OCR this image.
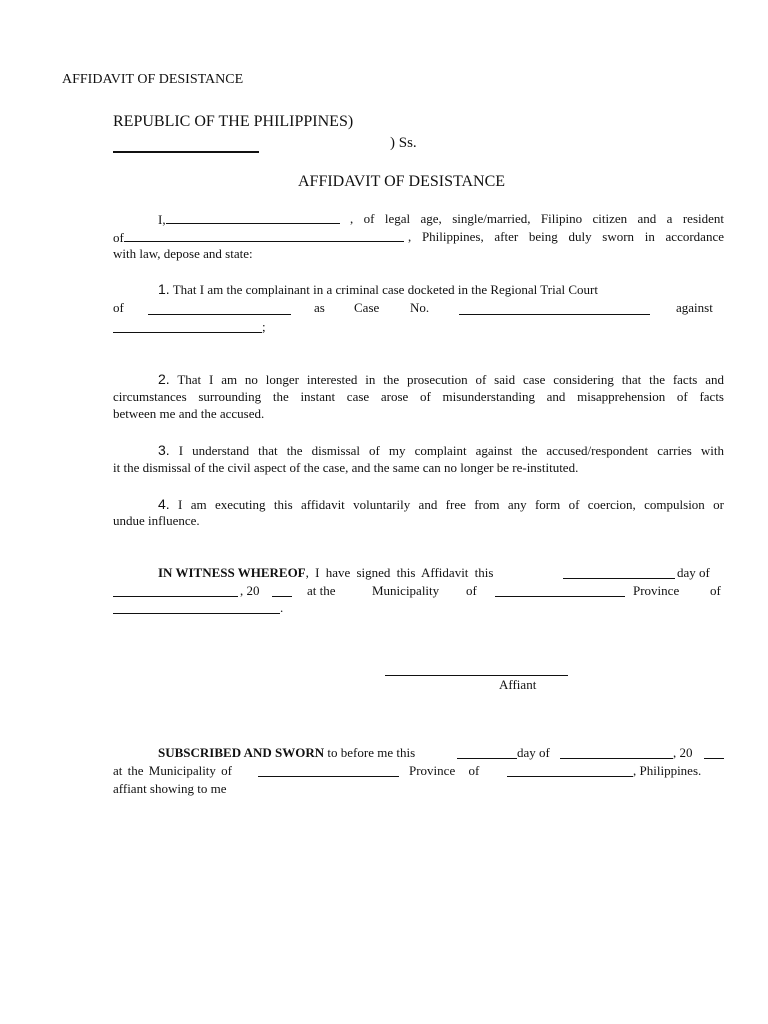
AFFIDAVIT OF DESISTANCE
REPUBLIC OF THE PHILIPPINES)
) Ss.
AFFIDAVIT OF DESISTANCE
I,	, of legal age, single/married, Filipino citizen and a resident
of	, Philippines, after being duly sworn in accordance
with law, depose and state:
1. That I am the complainant in a criminal case docketed in the Regional Trial Court
of	as Case No.	against
;
2. That I am no longer interested in the prosecution of said case considering that the facts and
circumstances surrounding the instant case arose of misunderstanding and misapprehension of facts
between me and the accused.
3. I understand that the dismissal of my complaint against the accused/respondent carries with
it the dismissal of the civil aspect of the case, and the same can no longer be re-instituted.
4. I am executing this affidavit voluntarily and free from any form of coercion, compulsion or
undue influence.
IN WITNESS WHEREOF, I have signed this Affidavit this	day of
, 20	at the	Municipality of	Province of
.
Affiant
SUBSCRIBED AND SWORN to before me this	day of	, 20
at the Municipality of	Province of	, Philippines.
affiant showing to me
